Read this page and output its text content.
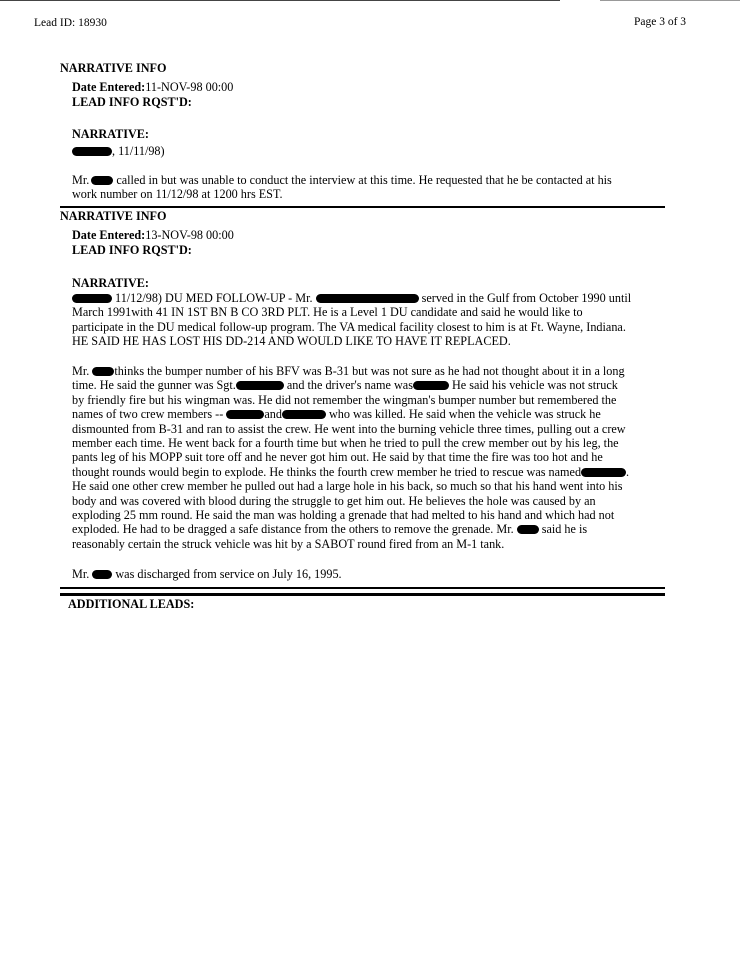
Lead ID: 18930	Page 3 of 3
NARRATIVE INFO
Date Entered:11-NOV-98 00:00
LEAD INFO RQST'D:
NARRATIVE:
, 11/11/98)
Mr. called in but was unable to conduct the interview at this time. He requested that he be contacted at his
work number on 11/12/98 at 1200 hrs EST.
NARRATIVE INFO
Date Entered:13-NOV-98 00:00
LEAD INFO RQST'D:
NARRATIVE:
11/12/98) DU MED FOLLOW-UP - Mr.	served in the Gulf from October 1990 until
March 1991with 41 IN 1ST BN B CO 3RD PLT. He is a Level 1 DU candidate and said he would like to
participate in the DU medical follow-up program. The VA medical facility closest to him is at Ft. Wayne, Indiana.
HE SAID HE HAS LOST HIS DD-214 AND WOULD LIKE TO HAVE IT REPLACED.
Mr. thinks the bumper number of his BFV was B-31 but was not sure as he had not thought about it in a long
time. He said the gunner was Sgt.	and the driver's name was	He said his vehicle was not struck
by friendly fire but his wingman was. He did not remember the wingman's bumper number but remembered the
names of two crew members --	and	who was killed. He said when the vehicle was struck he
dismounted from B-31 and ran to assist the crew. He went into the burning vehicle three times, pulling out a crew
member each time. He went back for a fourth time but when he tried to pull the crew member out by his leg, the
pants leg of his MOPP suit tore off and he never got him out. He said by that time the fire was too hot and he
thought rounds would begin to explode. He thinks the fourth crew member he tried to rescue was named	.
He said one other crew member he pulled out had a large hole in his back, so much so that his hand went into his
body and was covered with blood during the struggle to get him out. He believes the hole was caused by an
exploding 25 mm round. He said the man was holding a grenade that had melted to his hand and which had not
exploded. He had to be dragged a safe distance from the others to remove the grenade. Mr.  said he is
reasonably certain the struck vehicle was hit by a SABOT round fired from an M-1 tank.
Mr.  was discharged from service on July 16, 1995.
ADDITIONAL LEADS:
